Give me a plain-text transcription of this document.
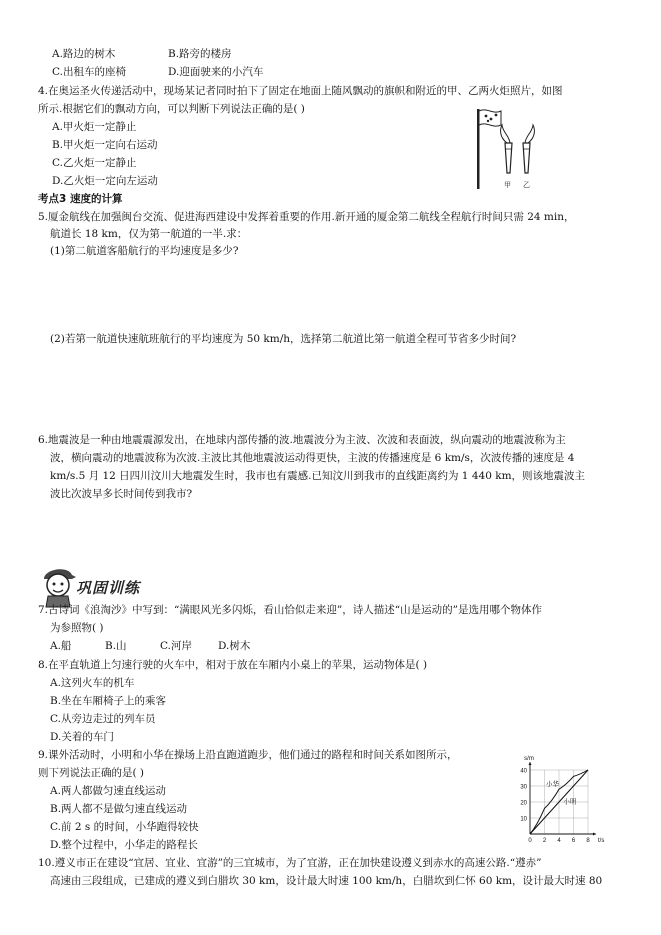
A.路边的树木	B.路旁的楼房
C.出租车的座椅	D.迎面驶来的小汽车
4.在奥运圣火传递活动中，现场某记者同时拍下了固定在地面上随风飘动的旗帜和附近的甲、乙两火炬照片，如图
所示.根据它们的飘动方向，可以判断下列说法正确的是( )
A.甲火炬一定静止
B.甲火炬一定向右运动
C.乙火炬一定静止
D.乙火炬一定向左运动	甲 乙
考点3 速度的计算
5.厦金航线在加强闽台交流、促进海西建设中发挥着重要的作用.新开通的厦金第二航线全程航行时间只需 24 min，
航道长 18 km，仅为第一航道的一半.求：
(1)第二航道客船航行的平均速度是多少?
(2)若第一航道快速航班航行的平均速度为 50 km/h，选择第二航道比第一航道全程可节省多少时间?
6.地震波是一种由地震震源发出，在地球内部传播的波.地震波分为主波、次波和表面波，纵向震动的地震波称为主
波，横向震动的地震波称为次波.主波比其他地震波运动得更快，主波的传播速度是 6 km/s，次波传播的速度是 4
km/s.5 月 12 日四川汶川大地震发生时，我市也有震感.已知汶川到我市的直线距离约为 1 440 km，则该地震波主
波比次波早多长时间传到我市?
巩固训练
7.古诗词《浪淘沙》中写到：“满眼风光多闪烁，看山恰似走来迎”，诗人描述“山是运动的”是选用哪个物体作
为参照物( )
A.船	B.山	C.河岸 D.树木
8.在平直轨道上匀速行驶的火车中，相对于放在车厢内小桌上的苹果，运动物体是( )
A.这列火车的机车
B.坐在车厢椅子上的乘客
C.从旁边走过的列车员
D.关着的车门
9.课外活动时，小明和小华在操场上沿直跑道跑步，他们通过的路程和时间关系如图所示，
则下列说法正确的是( )
A.两人都做匀速直线运动
B.两人都不是做匀速直线运动
C.前 2 s 的时间，小华跑得较快
D.整个过程中，小华走的路程长
10
20
30
40
0 2 4 6 8
s/m
t/s
小华
小明
10.遵义市正在建设“宜居、宜业、宜游”的三宜城市，为了宜游，正在加快建设遵义到赤水的高速公路.“遵赤”
高速由三段组成，已建成的遵义到白腊坎 30 km，设计最大时速 100 km/h，白腊坎到仁怀 60 km，设计最大时速 80
